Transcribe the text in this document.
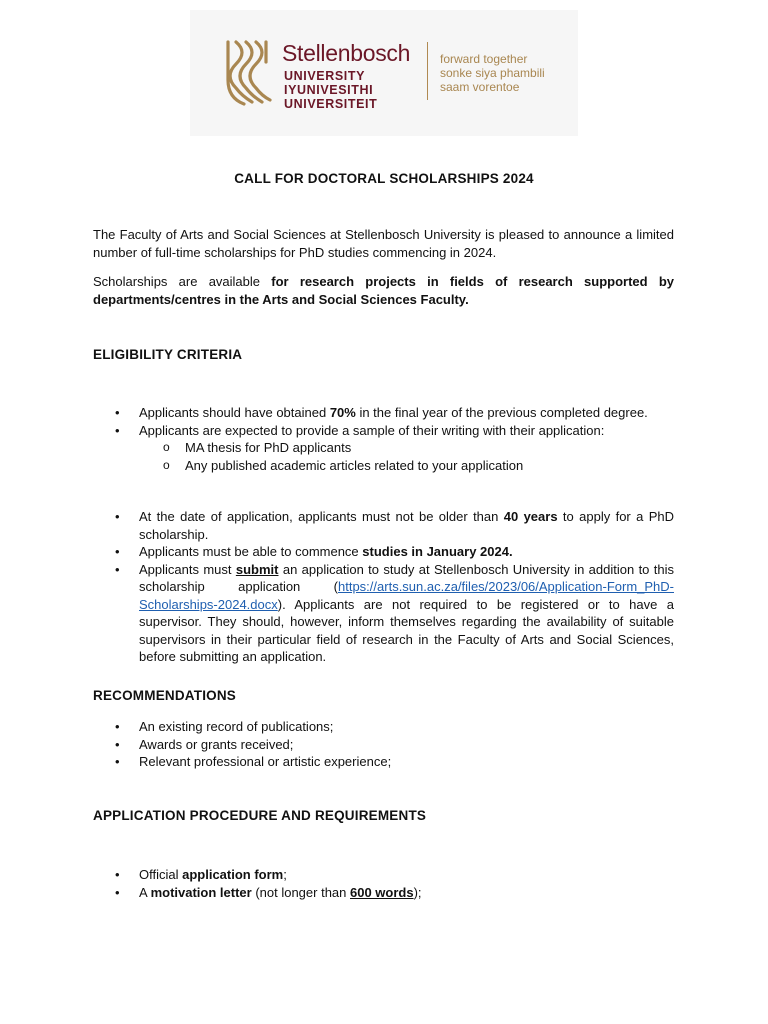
Stellenbosch
UNIVERSITY
IYUNIVESITHI
UNIVERSITEIT
forward together
sonke siya phambili
saam vorentoe
CALL FOR DOCTORAL SCHOLARSHIPS 2024
The Faculty of Arts and Social Sciences at Stellenbosch University is pleased to announce a limited number of full-time scholarships for PhD studies commencing in 2024.
Scholarships are available for research projects in fields of research supported by departments/centres in the Arts and Social Sciences Faculty.
ELIGIBILITY CRITERIA
• Applicants should have obtained 70% in the final year of the previous completed degree.
• Applicants are expected to provide a sample of their writing with their application:
o MA thesis for PhD applicants
o Any published academic articles related to your application
• At the date of application, applicants must not be older than 40 years to apply for a PhD scholarship.
• Applicants must be able to commence studies in January 2024.
• Applicants must submit an application to study at Stellenbosch University in addition to this scholarship application (https://arts.sun.ac.za/files/2023/06/Application-Form_PhD-Scholarships-2024.docx). Applicants are not required to be registered or to have a supervisor. They should, however, inform themselves regarding the availability of suitable supervisors in their particular field of research in the Faculty of Arts and Social Sciences, before submitting an application.
RECOMMENDATIONS
• An existing record of publications;
• Awards or grants received;
• Relevant professional or artistic experience;
APPLICATION PROCEDURE AND REQUIREMENTS
• Official application form;
• A motivation letter (not longer than 600 words);
